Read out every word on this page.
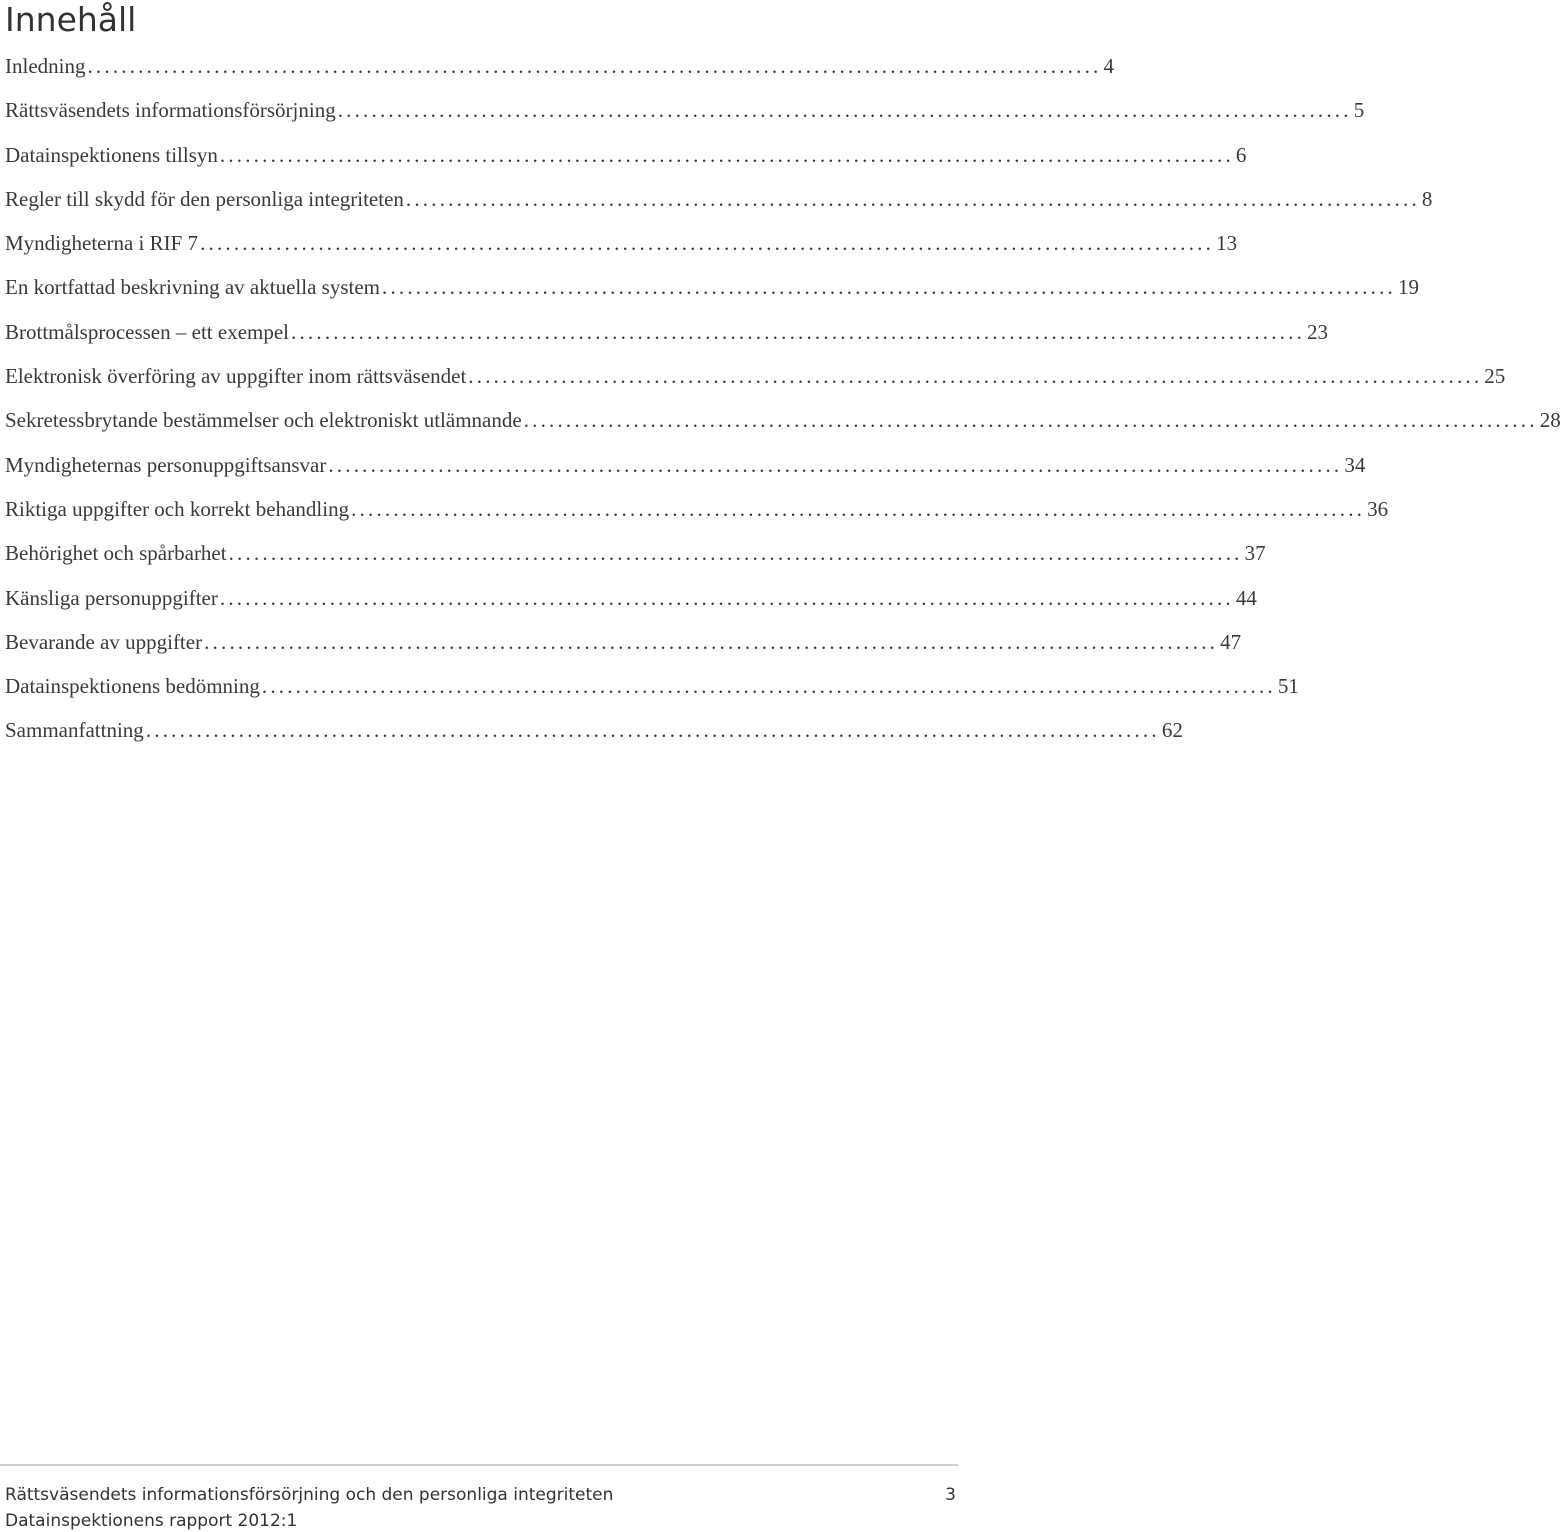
Innehåll
Inledning ........................................................................................................................ 4
Rättsväsendets informationsförsörjning ........................................................................................................................ 5
Datainspektionens tillsyn ........................................................................................................................ 6
Regler till skydd för den personliga integriteten ........................................................................................................................ 8
Myndigheterna i RIF 7 ........................................................................................................................ 13
En kortfattad beskrivning av aktuella system ........................................................................................................................ 19
Brottmålsprocessen – ett exempel ........................................................................................................................ 23
Elektronisk överföring av uppgifter inom rättsväsendet ........................................................................................................................ 25
Sekretessbrytande bestämmelser och elektroniskt utlämnande ........................................................................................................................ 28
Myndigheternas personuppgiftsansvar ........................................................................................................................ 34
Riktiga uppgifter och korrekt behandling ........................................................................................................................ 36
Behörighet och spårbarhet ........................................................................................................................ 37
Känsliga personuppgifter ........................................................................................................................ 44
Bevarande av uppgifter ........................................................................................................................ 47
Datainspektionens bedömning ........................................................................................................................ 51
Sammanfattning ........................................................................................................................ 62

Rättsväsendets informationsförsörjning och den personliga integriteten

Datainspektionens rapport 2012:1

3
